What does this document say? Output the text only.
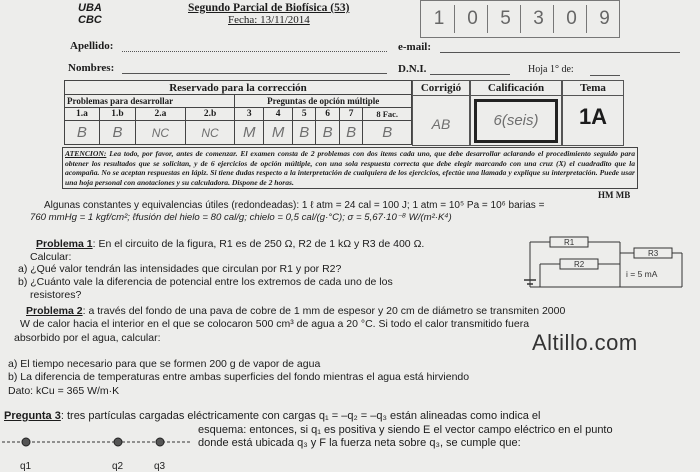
UBA
CBC
Segundo Parcial de Biofísica (53)
Fecha: 13/11/2014	1	0	5	3	0	9
Apellido:	e-mail:
Nombres:	D.N.I.	Hoja 1° de:
Reservado para la corrección									
Problemas para desarrollar				Preguntas de opción múltiple					
1.a	1.b	2.a	2.b	3	4	5	6	7	8 Fac.
B	B	NC	NC	M	M	B	B	B	B
Corrigió
AB
Calificación
6(seis)
Tema
1A
ATENCION: Lea todo, por favor, antes de comenzar. El examen consta de 2 problemas con dos ítems cada uno, que debe desarrollar aclarando el procedimiento seguido para obtener los resultados que se solicitan, y de 6 ejercicios de opción múltiple, con una sola respuesta correcta que debe elegir marcando con una cruz (X) el cuadradito que la acompaña. No se aceptan respuestas en lápiz. Si tiene dudas respecto a la interpretación de cualquiera de los ejercicios, efectúe una llamada y explique su interpretación. Puede usar una hoja personal con anotaciones y su calculadora. Dispone de 2 horas.
HM MB
Algunas constantes y equivalencias útiles (redondeadas): 1 ℓ atm = 24 cal = 100 J; 1 atm = 10⁵ Pa = 10⁶ barias =
760 mmHg = 1 kgf/cm²; ℓfusión del hielo = 80 cal/g; chielo = 0,5 cal/(g·°C); σ = 5,67·10⁻⁸ W/(m²·K⁴)
Problema 1: En el circuito de la figura, R1 es de 250 Ω, R2 de 1 kΩ y R3 de 400 Ω.
Calcular:
a) ¿Qué valor tendrán las intensidades que circulan por R1 y por R2?
b) ¿Cuánto vale la diferencia de potencial entre los extremos de cada uno de los
resistores?
R1
R2
R3
i = 5 mA
Problema 2: a través del fondo de una pava de cobre de 1 mm de espesor y 20 cm de diámetro se transmiten 2000
W de calor hacia el interior en el que se colocaron 500 cm³ de agua a 20 °C. Si todo el calor transmitido fuera
absorbido por el agua, calcular:	Altillo.com
a) El tiempo necesario para que se formen 200 g de vapor de agua
b) La diferencia de temperaturas entre ambas superficies del fondo mientras el agua está hirviendo
Dato: kCu = 365 W/m·K
Pregunta 3: tres partículas cargadas eléctricamente con cargas q₁ = –q₂ = –q₃ están alineadas como indica el
esquema: entonces, si q₁ es positiva y siendo E el vector campo eléctrico en el punto
donde está ubicada q₃ y F la fuerza neta sobre q₃, se cumple que:
q1	q2	q3
